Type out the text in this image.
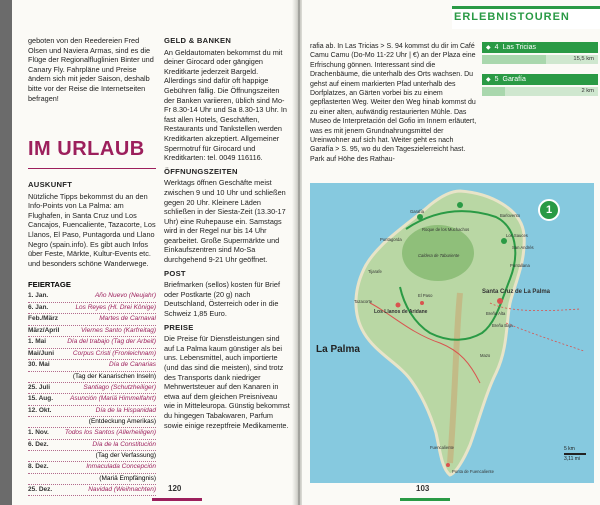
geboten von den Reedereien Fred Olsen und Naviera Armas, sind es die Flüge der Regionalfluglinien Binter und Canary Fly. Fahrpläne und Preise ändern sich mit jeder Saison, deshalb bitte vor der Reise die Internetseiten befragen!

IM URLAUB
AUSKUNFT

Nützliche Tipps bekommst du an den Info-Points von La Palma: am Flughafen, in Santa Cruz und Los Cancajos, Fuencaliente, Tazacorte, Los Llanos, El Paso, Puntagorda und Llano Negro (spain.info). Es gibt auch Infos über Feste, Märkte, Kultur-Events etc. und besonders schöne Wanderwege.

FEIERTAGE
1. Jan.	Año Nuevo (Neujahr)
6. Jan.	Los Reyes (Hl. Drei Könige)
Feb./März	Martes de Carnaval
März/April	Viernes Santo (Karfreitag)
1. Mai	Día del trabajo (Tag der Arbeit)
Mai/Juni	Corpus Cristi (Fronleichnam)
30. Mai	Día de Canarias
(Tag der Kanarischen Inseln)
25. Juli	Santiago (Schutzheiliger)
15. Aug.	Asunción (Mariä Himmelfahrt)
12. Okt.	Día de la Hispanidad
(Entdeckung Amerikas)
1. Nov. Todos los Santos (Allerheiligen)
6. Dez.	Día de la Constitución
(Tag der Verfassung)
8. Dez.	Inmaculada Concepción
(Mariä Empfängnis)
25. Dez.	Navidad (Weihnachten)
GELD & BANKEN

An Geldautomaten bekommst du mit deiner Girocard oder gängigen Kreditkarte jederzeit Bargeld. Allerdings sind dafür oft happige Gebühren fällig. Die Öffnungszeiten der Banken variieren, üblich sind Mo-Fr 8.30-14 Uhr und Sa 8.30-13 Uhr. In fast allen Hotels, Geschäften, Restaurants und Tankstellen werden Kreditkarten akzeptiert. Allgemeiner Sperrnotruf für Girocard und Kreditkarten: tel. 0049 116116.

ÖFFNUNGSZEITEN

Werktags öffnen Geschäfte meist zwischen 9 und 10 Uhr und schließen gegen 20 Uhr. Kleinere Läden schließen in der Siesta-Zeit (13.30-17 Uhr) eine Ruhepause ein. Samstags wird in der Regel nur bis 14 Uhr gearbeitet. Große Supermärkte und Einkaufszentren sind Mo-Sa durchgehend 9-21 Uhr geöffnet.

POST

Briefmarken (sellos) kosten für Brief oder Postkarte (20 g) nach Deutschland, Österreich oder in die Schweiz 1,85 Euro.

PREISE

Die Preise für Dienstleistungen sind auf La Palma kaum günstiger als bei uns. Lebensmittel, auch importierte (und das sind die meisten), sind trotz des Transports dank niedriger Mehrwertsteuer auf den Kanaren in etwa auf dem gleichen Preisniveau wie in Mitteleuropa. Günstig bekommst du hingegen Tabakwaren, Parfum sowie einige rezeptfreie Medikamente.

120
ERLEBNISTOUREN

rafia ab. In Las Tricias > S. 94 kommst du dir im Café Camu Camu (Do-Mo 11-22 Uhr | €) an der Plaza eine Erfrischung gönnen. Interessant sind die Drachenbäume, die unterhalb des Orts wachsen. Du gehst auf einem markierten Pfad unterhalb des Dorfplatzes, an Gärten vorbei bis zu einem gepflasterten Weg. Weiter den Weg hinab kommst du zu einer alten, aufwändig restaurierten Mühle. Das Museo de Interpretación del Gofio im Innern erläutert, was es mit jenem Grundnahrungsmittel der Ureinwohner auf sich hat. Weiter geht es nach Garafía > S. 95, wo du den Tageszielerreicht hast. Park auf Höhe des Rathau-

◆ 4 Las Tricias
15,5 km
◆ 5 Garafía
2 km
Santa Cruz de La Palma
Los Llanos de Aridane
El Paso
Garafía
Barlovento
Puntagorda
Tijarafe
Tazacorte
Fuencaliente
Punta de Fuencaliente
Mazo
Breña Alta
Breña Baja
Los Sauces
San Andrés
Puntallana
Roque de los Muchachos
Caldera de Taburiente
1
La Palma
5 km
3,11 mi
103
